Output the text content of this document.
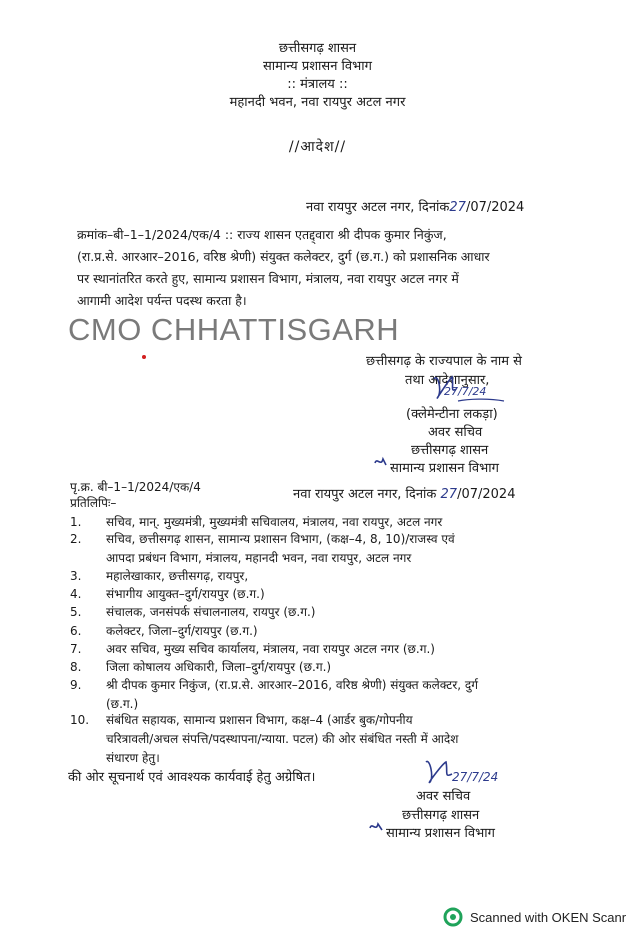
छत्तीसगढ़ शासन
सामान्य प्रशासन विभाग
:: मंत्रालय ::
महानदी भवन, नवा रायपुर अटल नगर
//आदेश//
नवा रायपुर अटल नगर, दिनांक27/07/2024
क्रमांक–बी–1–1/2024/एक/4 :: राज्य शासन एतद्द्वारा श्री दीपक कुमार निकुंज,
(रा.प्र.से. आरआर–2016, वरिष्ठ श्रेणी) संयुक्त कलेक्टर, दुर्ग (छ.ग.) को प्रशासनिक आधार
पर स्थानांतरित करते हुए, सामान्य प्रशासन विभाग, मंत्रालय, नवा रायपुर अटल नगर में
आगामी आदेश पर्यन्त पदस्थ करता है।
CMO CHHATTISGARH
छत्तीसगढ़ के राज्यपाल के नाम से
तथा आदेशानुसार,
27/7/24
(क्लेमेन्टीना लकड़ा)
अवर सचिव
छत्तीसगढ़ शासन
सामान्य प्रशासन विभाग
पृ.क्र. बी–1–1/2024/एक/4	नवा रायपुर अटल नगर, दिनांक 27/07/2024
प्रतिलिपिः–
1. सचिव, मान्. मुख्यमंत्री, मुख्यमंत्री सचिवालय, मंत्रालय, नवा रायपुर, अटल नगर
2. सचिव, छत्तीसगढ़ शासन, सामान्य प्रशासन विभाग, (कक्ष–4, 8, 10)/राजस्व एवं
आपदा प्रबंधन विभाग, मंत्रालय, महानदी भवन, नवा रायपुर, अटल नगर
3. महालेखाकार, छत्तीसगढ़, रायपुर,
4. संभागीय आयुक्त–दुर्ग/रायपुर (छ.ग.)
5. संचालक, जनसंपर्क संचालनालय, रायपुर (छ.ग.)
6. कलेक्टर, जिला–दुर्ग/रायपुर (छ.ग.)
7. अवर सचिव, मुख्य सचिव कार्यालय, मंत्रालय, नवा रायपुर अटल नगर (छ.ग.)
8. जिला कोषालय अधिकारी, जिला–दुर्ग/रायपुर (छ.ग.)
9. श्री दीपक कुमार निकुंज, (रा.प्र.से. आरआर–2016, वरिष्ठ श्रेणी) संयुक्त कलेक्टर, दुर्ग
(छ.ग.)
10. संबंधित सहायक, सामान्य प्रशासन विभाग, कक्ष–4 (आर्डर बुक/गोपनीय
चरित्रावली/अचल संपत्ति/पदस्थापना/न्याया. पटल) की ओर संबंधित नस्ती में आदेश
संधारण हेतु।
की ओर सूचनार्थ एवं आवश्यक कार्यवाई हेतु अग्रेषित।	27/7/24
अवर सचिव
छत्तीसगढ़ शासन
सामान्य प्रशासन विभाग
Scanned with OKEN Scanr
